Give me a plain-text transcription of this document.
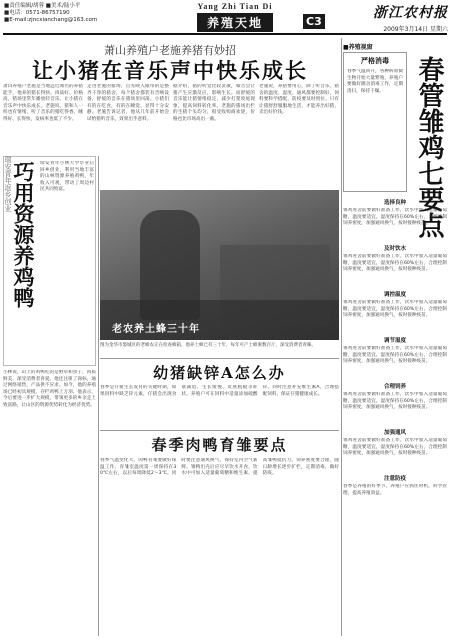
■责任编辑/胡蓉 ■美术/陆小平
■电话：0571-86757190
■E-mail:zjncxianchang@163.com
Yang Zhi Tian Di
养殖天地	C3
浙江农村报
2009年3月14日 星期六
萧山养殖户老施养猪有妙招
让小猪在音乐声中快乐成长
萧山养殖户老施是当地远近闻名的养猪能手，他养的猪长得快、肉质好、价格高，猪场里常年播放轻音乐，让小猪在音乐声中快乐成长。老施说，猪和人一样也有情绪，听了音乐的猪吃得香、睡得好、长得快，发病率也低了不少。
走进老施的猪场，首先映入眼帘的是整齐干净的猪舍，每个猪舍都装有音响设备，舒缓的音乐在猪场里回荡。小猪们有的在吃食，有的在睡觉，显得十分安静。老施告诉记者，他从几年前开始尝试给猪听音乐，效果出乎意料。
据介绍，猪的听觉比较灵敏，噪音会让猪产生应激反应，影响生长。而舒缓的音乐能让猪情绪稳定，减少打架咬尾现象，提高饲料转化率。老施的猪场出栏的生猪个头均匀，很受收购商欢迎，价格也比市场高出一截。
老施说，养猪要用心，除了听音乐，猪舍的温度、湿度、通风都要控制好，饲料要科学搭配，防疫要及时到位。只有让猪舒舒服服地生活，才能养出好猪，卖出好价钱。
巧用资源养鸡鸭 瑞安青年小林大学毕业后回乡创业，利用当地丰富的山林资源养殖鸡鸭，年收入可观，带动了周边村民共同致富。
瑞安青年返乡创业
小林说，山上的鸡鸭吃的是野草和虫子，肉质鲜美，深受消费者喜爱。他还注册了商标，通过网络销售，产品供不应求。如今，他的养殖场已经初具规模，存栏鸡鸭上万羽。他表示，今后要进一步扩大规模，带领更多的乡亲走上致富路，让山区的资源优势转化为经济优势。
老农养土蜂三十年
图为金华市婺城区的老蜂农正在检查蜂箱。他养土蜂已有三十年，每年可产土蜂蜜数百斤，深受消费者青睐。
幼猪缺锌A怎么办
春季是仔猪生长发育的关键时期，如果饲料中缺乏锌元素，仔猪会出现食欲减退、生长缓慢、皮肤粗糙等症状。养殖户可在饲料中适量添加硫酸锌，同时注意补充维生素A，合理搭配饲料，保证仔猪健康成长。
春季肉鸭育雏要点
春季气温变化大，肉鸭育雏要做好保温工作，育雏室温度第一周保持在30℃左右，以后每周降低2～3℃。同时要注意通风换气，保持室内空气新鲜。雏鸭出壳后应尽早饮水开食，饮水中可加入适量葡萄糖和维生素，提高雏鸭抵抗力。饲养密度要合理，随日龄增长逐步扩栏，定期消毒，做好防疫。
■养殖视窗
严格消毒
春季气温回升，各种病原微生物开始大量繁殖，养殖户要做好圈舍消毒工作，定期清扫，保持干燥。	春管雏鸡七要点
选择良种
雏鸡进舍前要做好准备工作，饮水中加入适量葡萄糖，温度要适宜，湿度保持在60%左右，合理控制饲养密度，加强通风换气，按时接种疫苗。
及时饮水
雏鸡进舍前要做好准备工作，饮水中加入适量葡萄糖，温度要适宜，湿度保持在60%左右，合理控制饲养密度，加强通风换气，按时接种疫苗。
调控温度
雏鸡进舍前要做好准备工作，饮水中加入适量葡萄糖，温度要适宜，湿度保持在60%左右，合理控制饲养密度，加强通风换气，按时接种疫苗。
调节湿度
雏鸡进舍前要做好准备工作，饮水中加入适量葡萄糖，温度要适宜，湿度保持在60%左右，合理控制饲养密度，加强通风换气，按时接种疫苗。
合理饲养
雏鸡进舍前要做好准备工作，饮水中加入适量葡萄糖，温度要适宜，湿度保持在60%左右，合理控制饲养密度，加强通风换气，按时接种疫苗。
加强通风
雏鸡进舍前要做好准备工作，饮水中加入适量葡萄糖，温度要适宜，湿度保持在60%左右，合理控制饲养密度，加强通风换气，按时接种疫苗。
注意防疫
春季是养殖的好季节，养殖户应抓住时机，科学管理，提高养殖效益。
